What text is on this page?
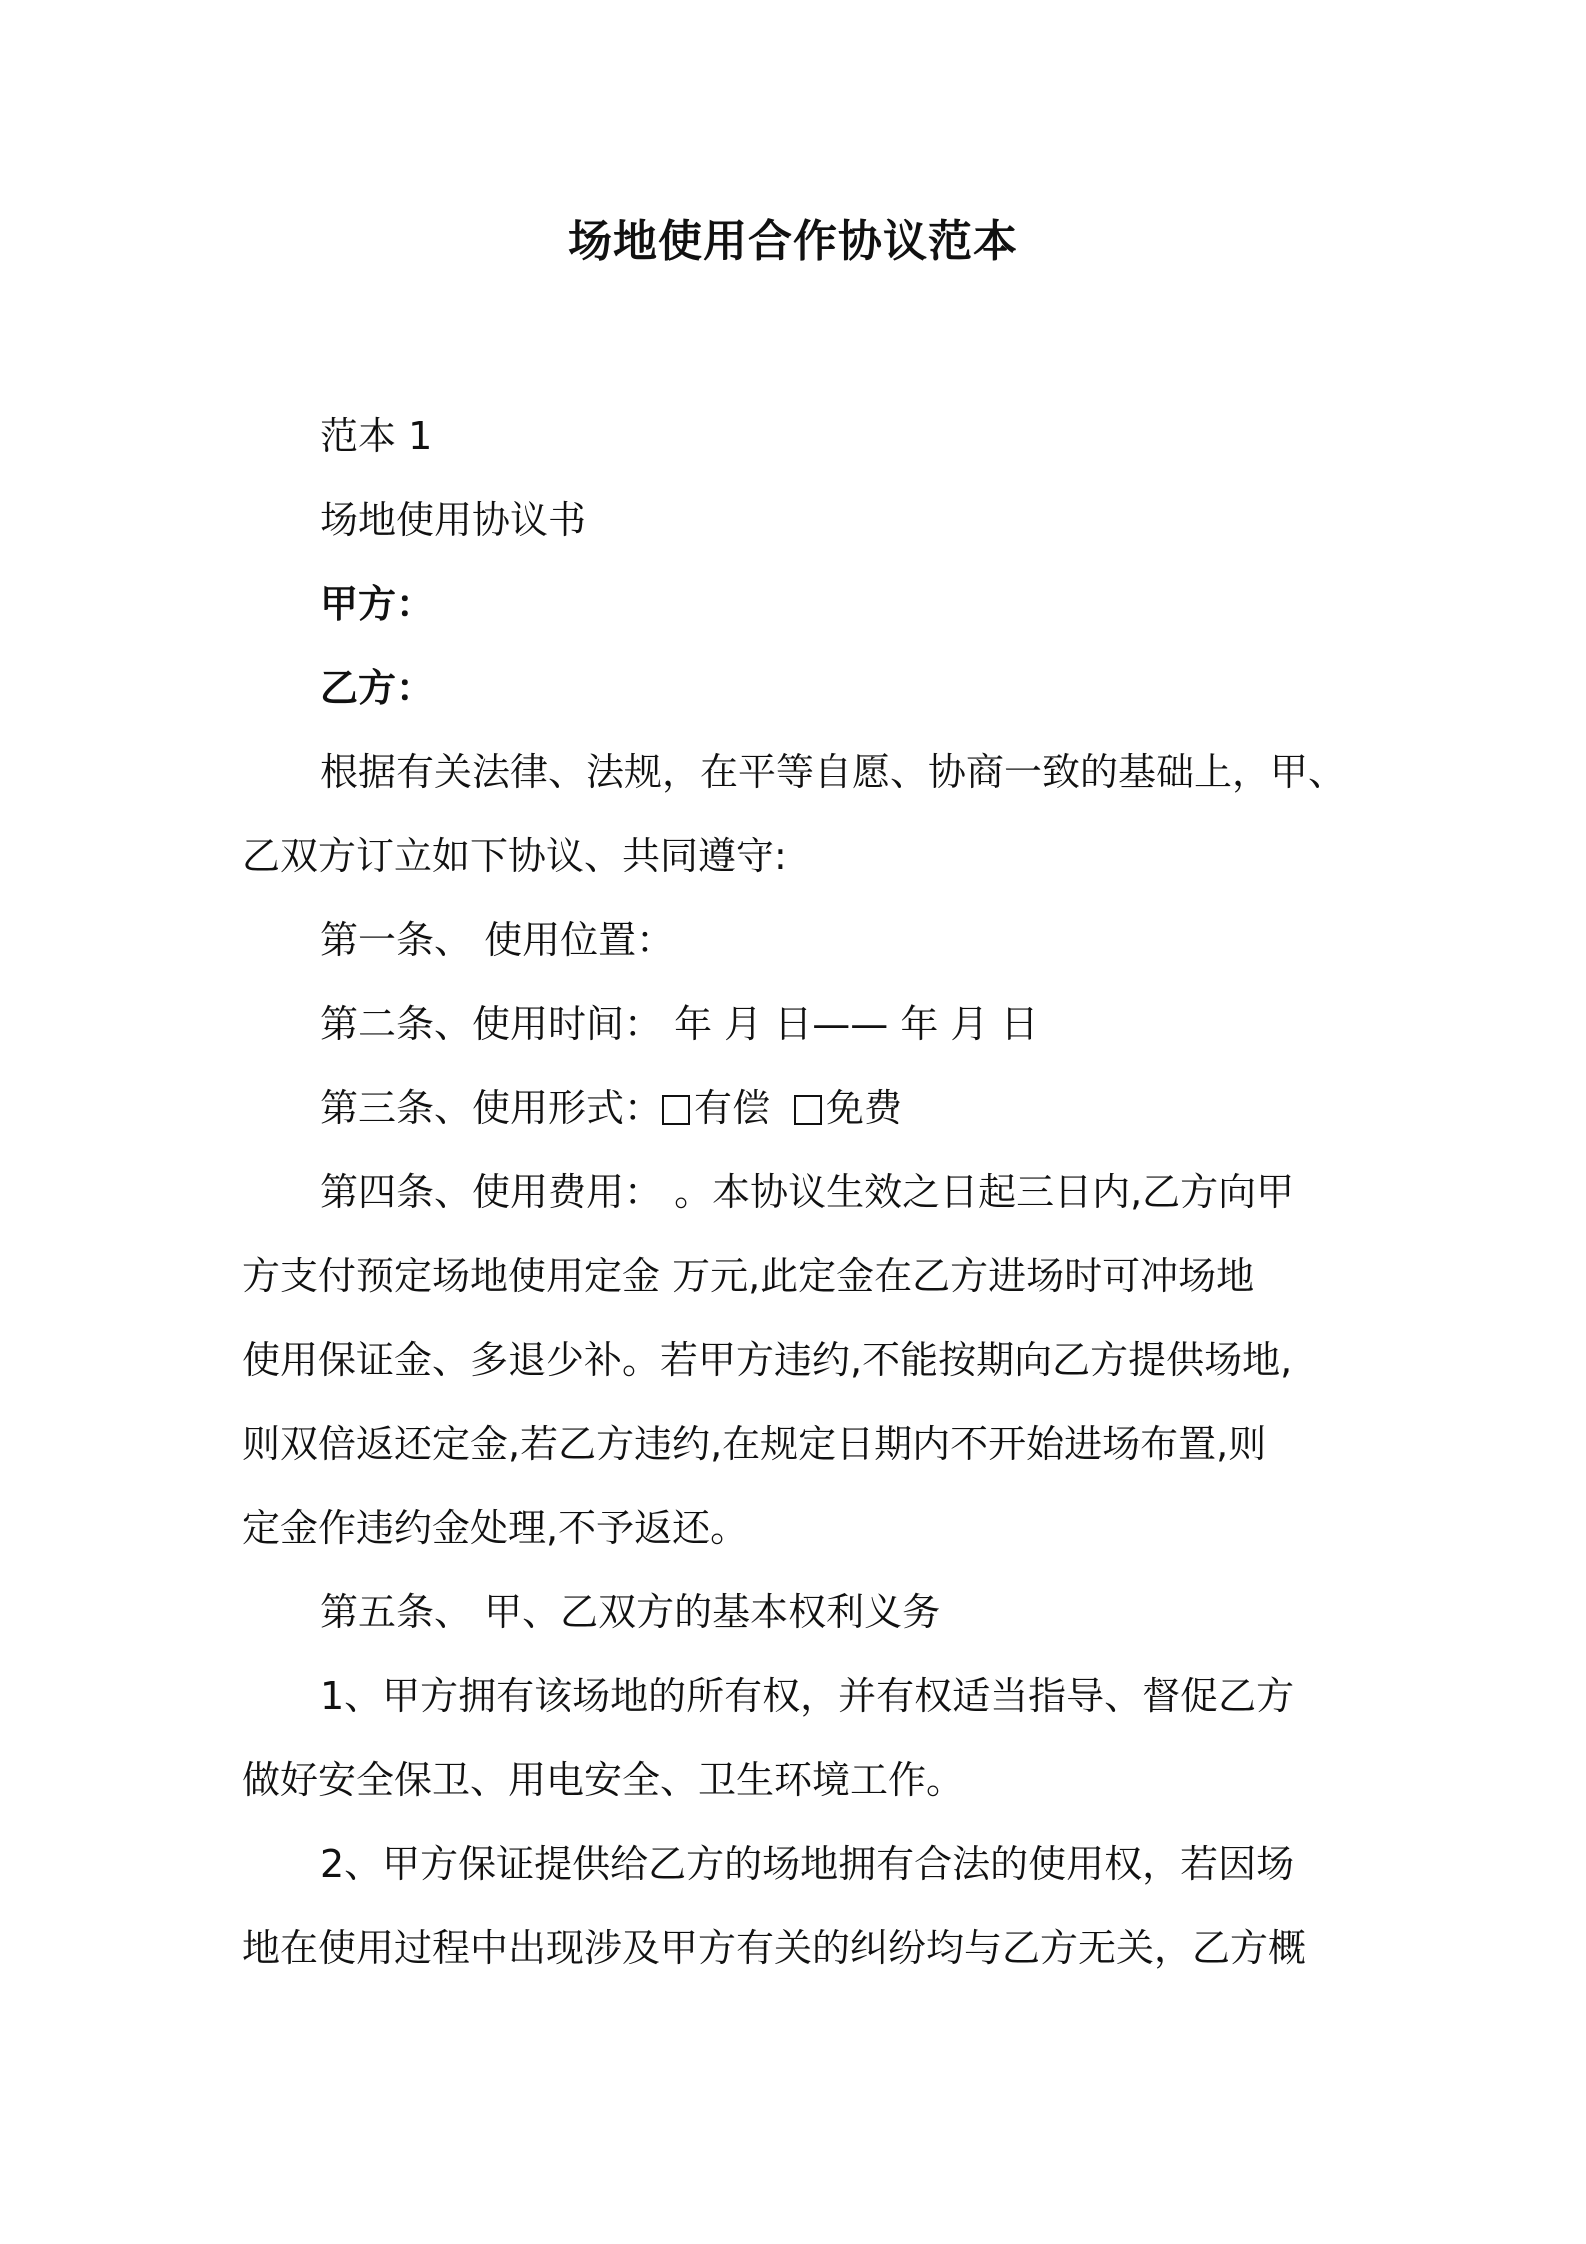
场地使用合作协议范本
范本 1
场地使用协议书
甲方：
乙方：
根据有关法律、法规，在平等自愿、协商一致的基础上，甲、
乙双方订立如下协议、共同遵守:
第一条、 使用位置：
第二条、使用时间： 年 月 日—— 年 月 日
第三条、使用形式： 有偿 免费
第四条、使用费用： 。本协议生效之日起三日内,乙方向甲
方支付预定场地使用定金 万元,此定金在乙方进场时可冲场地
使用保证金、多退少补。若甲方违约,不能按期向乙方提供场地,
则双倍返还定金,若乙方违约,在规定日期内不开始进场布置,则
定金作违约金处理,不予返还。
第五条、 甲、乙双方的基本权利义务
1、甲方拥有该场地的所有权，并有权适当指导、督促乙方
做好安全保卫、用电安全、卫生环境工作。
2、甲方保证提供给乙方的场地拥有合法的使用权，若因场
地在使用过程中出现涉及甲方有关的纠纷均与乙方无关，乙方概
